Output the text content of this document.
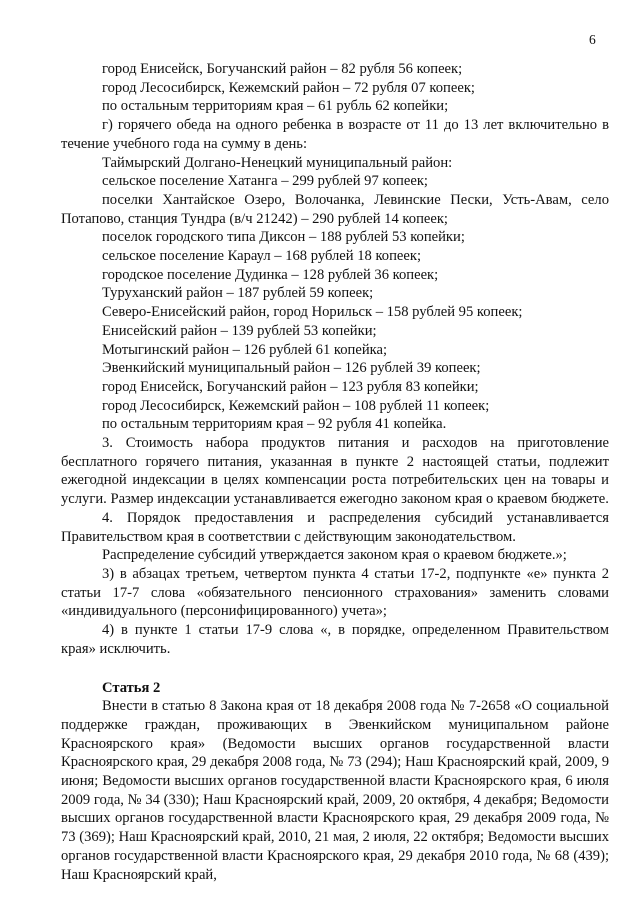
6

город Енисейск, Богучанский район – 82 рубля 56 копеек;

город Лесосибирск, Кежемский район – 72 рубля 07 копеек;

по остальным территориям края – 61 рубль 62 копейки;

г) горячего обеда на одного ребенка в возрасте от 11 до 13 лет включительно в течение учебного года на сумму в день:

Таймырский Долгано-Ненецкий муниципальный район:

сельское поселение Хатанга – 299 рублей 97 копеек;

поселки Хантайское Озеро, Волочанка, Левинские Пески, Усть-Авам, село Потапово, станция Тундра (в/ч 21242) – 290 рублей 14 копеек;

поселок городского типа Диксон – 188 рублей 53 копейки;

сельское поселение Караул – 168 рублей 18 копеек;

городское поселение Дудинка – 128 рублей 36 копеек;

Туруханский район – 187 рублей 59 копеек;

Северо-Енисейский район, город Норильск – 158 рублей 95 копеек;

Енисейский район – 139 рублей 53 копейки;

Мотыгинский район – 126 рублей 61 копейка;

Эвенкийский муниципальный район – 126 рублей 39 копеек;

город Енисейск, Богучанский район – 123 рубля 83 копейки;

город Лесосибирск, Кежемский район – 108 рублей 11 копеек;

по остальным территориям края – 92 рубля 41 копейка.

3. Стоимость набора продуктов питания и расходов на приготовление бесплатного горячего питания, указанная в пункте 2 настоящей статьи, подлежит ежегодной индексации в целях компенсации роста потребительских цен на товары и услуги. Размер индексации устанавливается ежегодно законом края о краевом бюджете.

4. Порядок предоставления и распределения субсидий устанавливается Правительством края в соответствии с действующим законодательством.

Распределение субсидий утверждается законом края о краевом бюджете.»;

3) в абзацах третьем, четвертом пункта 4 статьи 17-2, подпункте «е» пункта 2 статьи 17-7 слова «обязательного пенсионного страхования» заменить словами «индивидуального (персонифицированного) учета»;

4) в пункте 1 статьи 17-9 слова «, в порядке, определенном Правительством края» исключить.

Статья 2

Внести в статью 8 Закона края от 18 декабря 2008 года № 7-2658 «О социальной поддержке граждан, проживающих в Эвенкийском муниципальном районе Красноярского края» (Ведомости высших органов государственной власти Красноярского края, 29 декабря 2008 года, № 73 (294); Наш Красноярский край, 2009, 9 июня; Ведомости высших органов государственной власти Красноярского края, 6 июля 2009 года, № 34 (330); Наш Красноярский край, 2009, 20 октября, 4 декабря; Ведомости высших органов государственной власти Красноярского края, 29 декабря 2009 года, № 73 (369); Наш Красноярский край, 2010, 21 мая, 2 июля, 22 октября; Ведомости высших органов государственной власти Красноярского края, 29 декабря 2010 года, № 68 (439); Наш Красноярский край,
